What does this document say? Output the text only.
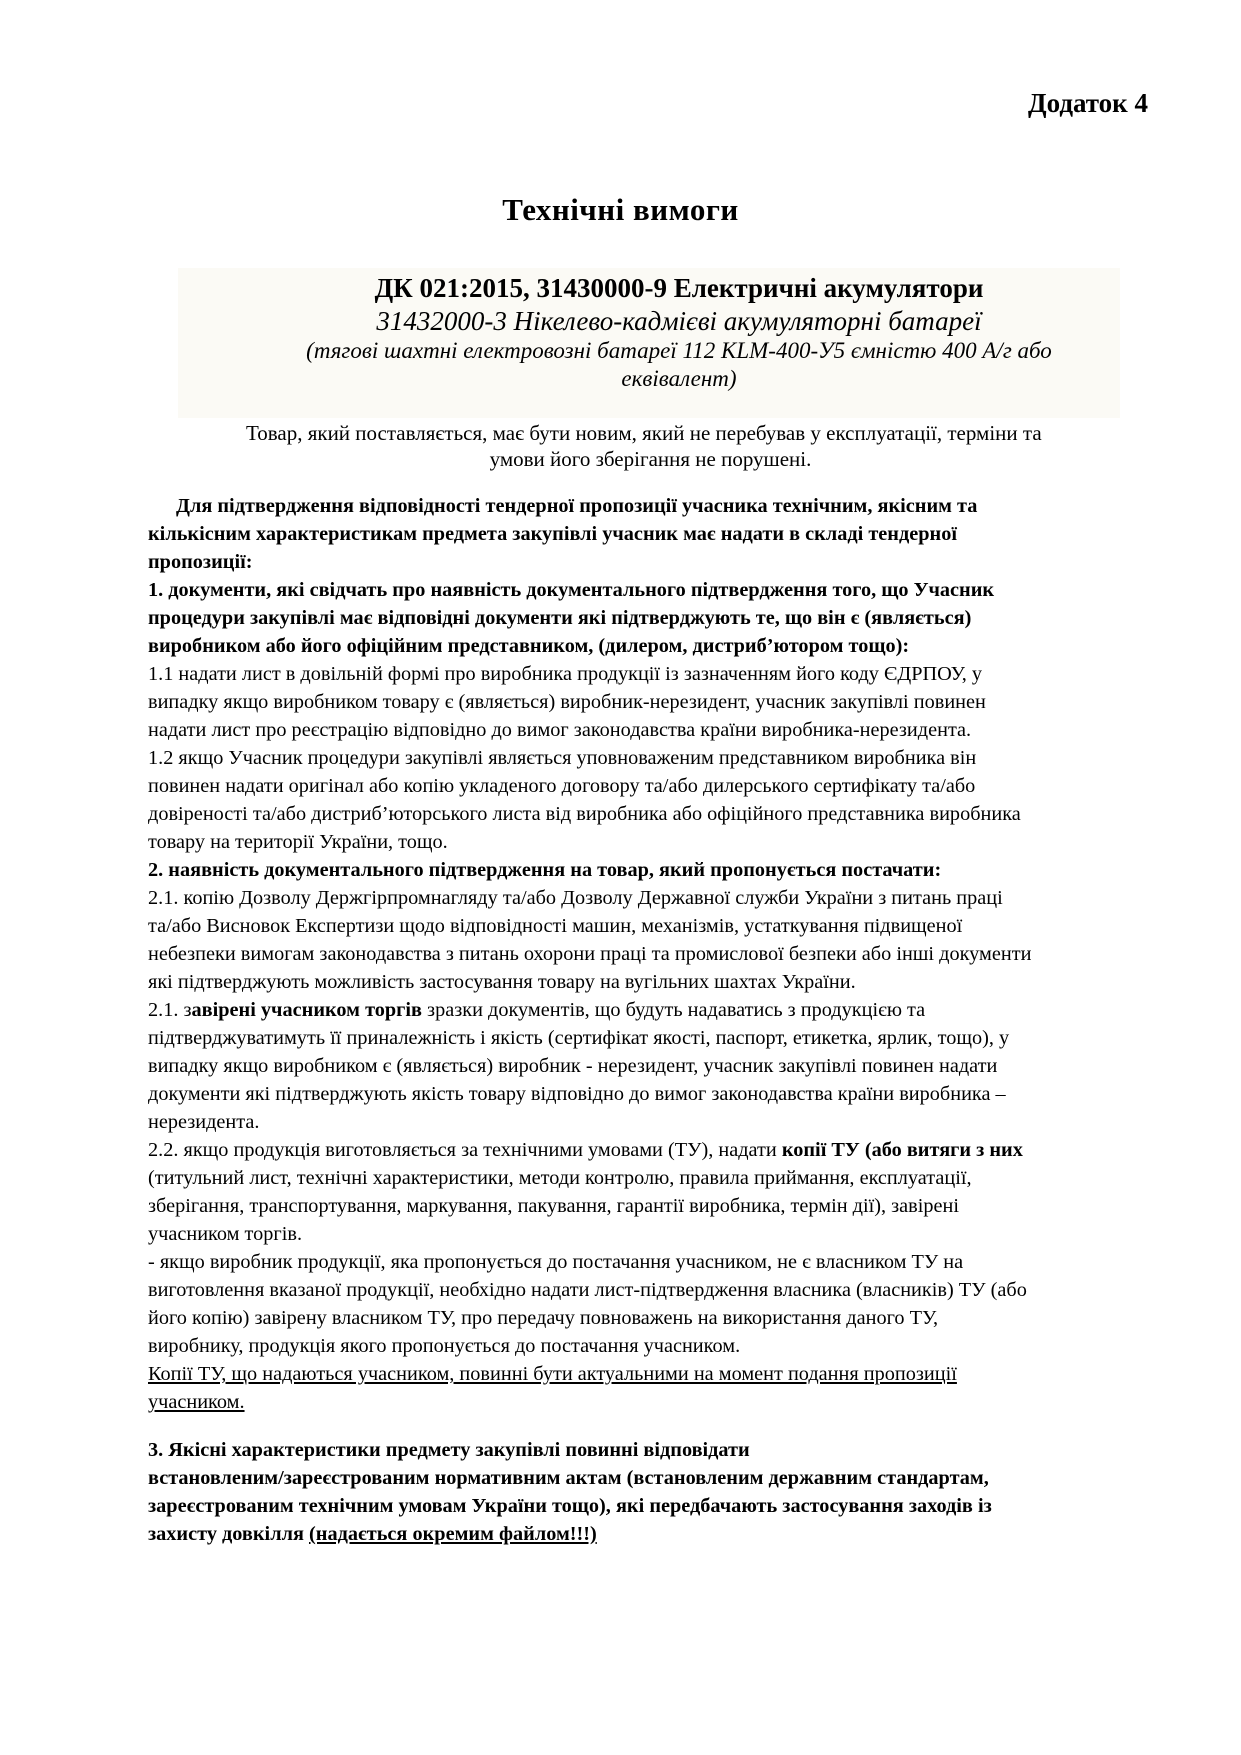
Додаток 4
Технічні вимоги
ДК 021:2015, 31430000-9 Електричні акумулятори
31432000-3 Нікелево-кадмієві акумуляторні батареї
(тягові шахтні електровозні батареї 112 KLM-400-У5 ємністю 400 А/г або
еквівалент)
Товар, який поставляється, має бути новим, який не перебував у експлуатації, терміни та
умови його зберігання не порушені.
Для підтвердження відповідності тендерної пропозиції учасника технічним, якісним та
кількісним характеристикам предмета закупівлі учасник має надати в складі тендерної
пропозиції:
1. документи, які свідчать про наявність документального підтвердження того, що Учасник
процедури закупівлі має відповідні документи які підтверджують те, що він є (являється)
виробником або його офіційним представником, (дилером, дистриб’ютором тощо):
1.1 надати лист в довільній формі про виробника продукції із зазначенням його коду ЄДРПОУ, у
випадку якщо виробником товару є (являється) виробник-нерезидент, учасник закупівлі повинен
надати лист про реєстрацію відповідно до вимог законодавства країни виробника-нерезидента.
1.2 якщо Учасник процедури закупівлі являється уповноваженим представником виробника він
повинен надати оригінал або копію укладеного договору та/або дилерського сертифікату та/або
довіреності та/або дистриб’юторського листа від виробника або офіційного представника виробника
товару на території України, тощо.
2. наявність документального підтвердження на товар, який пропонується постачати:
2.1. копію Дозволу Держгірпромнагляду та/або Дозволу Державної служби України з питань праці
та/або Висновок Експертизи щодо відповідності машин, механізмів, устаткування підвищеної
небезпеки вимогам законодавства з питань охорони праці та промислової безпеки або інші документи
які підтверджують можливість застосування товару на вугільних шахтах України.
2.1. завірені учасником торгів зразки документів, що будуть надаватись з продукцією та
підтверджуватимуть її приналежність і якість (сертифікат якості, паспорт, етикетка, ярлик, тощо), у
випадку якщо виробником є (являється) виробник - нерезидент, учасник закупівлі повинен надати
документи які підтверджують якість товару відповідно до вимог законодавства країни виробника –
нерезидента.
2.2. якщо продукція виготовляється за технічними умовами (ТУ), надати копії ТУ (або витяги з них
(титульний лист, технічні характеристики, методи контролю, правила приймання, експлуатації,
зберігання, транспортування, маркування, пакування, гарантії виробника, термін дії), завірені
учасником торгів.
- якщо виробник продукції, яка пропонується до постачання учасником, не є власником ТУ на
виготовлення вказаної продукції, необхідно надати лист-підтвердження власника (власників) ТУ (або
його копію) завірену власником ТУ, про передачу повноважень на використання даного ТУ,
виробнику, продукція якого пропонується до постачання учасником.
Копії ТУ, що надаються учасником, повинні бути актуальними на момент подання пропозиції
учасником.
3. Якісні характеристики предмету закупівлі повинні відповідати
встановленим/зареєстрованим нормативним актам (встановленим державним стандартам,
зареєстрованим технічним умовам України тощо), які передбачають застосування заходів із
захисту довкілля (надається окремим файлом!!!)
